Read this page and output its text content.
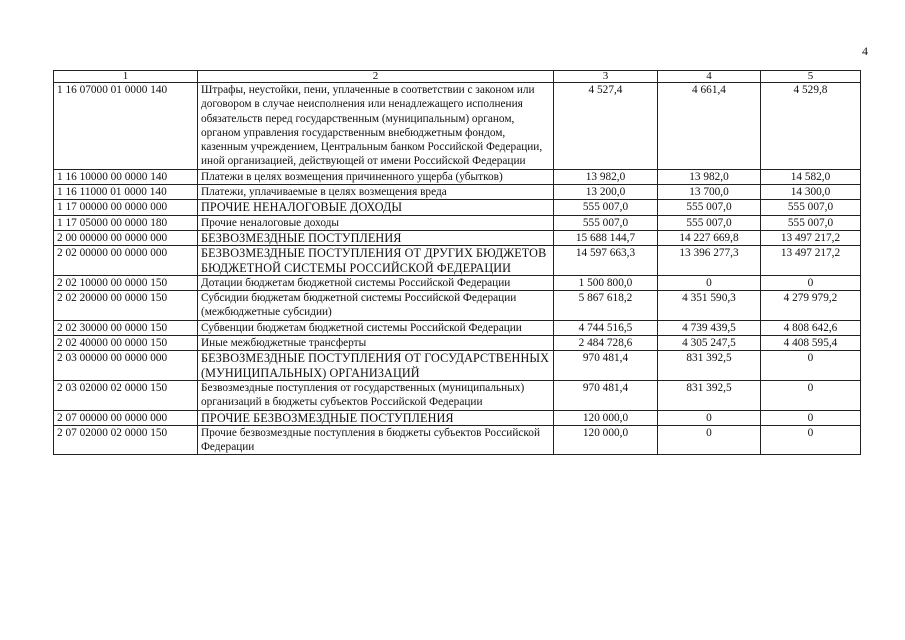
4
1	2	3	4	5
1 16 07000 01 0000 140	Штрафы, неустойки, пени, уплаченные в соответствии с законом или договором в случае неисполнения или ненадлежащего исполнения обязательств перед государственным (муниципальным) органом, органом управления государственным внебюджетным фондом, казенным учреждением, Центральным банком Российской Федерации, иной организацией, действующей от имени Российской Федерации	4 527,4	4 661,4	4 529,8
1 16 10000 00 0000 140	Платежи в целях возмещения причиненного ущерба (убытков)	13 982,0	13 982,0	14 582,0
1 16 11000 01 0000 140	Платежи, уплачиваемые в целях возмещения вреда	13 200,0	13 700,0	14 300,0
1 17 00000 00 0000 000	ПРОЧИЕ НЕНАЛОГОВЫЕ ДОХОДЫ	555 007,0	555 007,0	555 007,0
1 17 05000 00 0000 180	Прочие неналоговые доходы	555 007,0	555 007,0	555 007,0
2 00 00000 00 0000 000	БЕЗВОЗМЕЗДНЫЕ ПОСТУПЛЕНИЯ	15 688 144,7	14 227 669,8	13 497 217,2
2 02 00000 00 0000 000	БЕЗВОЗМЕЗДНЫЕ ПОСТУПЛЕНИЯ ОТ ДРУГИХ БЮДЖЕТОВ БЮДЖЕТНОЙ СИСТЕМЫ РОССИЙСКОЙ ФЕДЕРАЦИИ	14 597 663,3	13 396 277,3	13 497 217,2
2 02 10000 00 0000 150	Дотации бюджетам бюджетной системы Российской Федерации	1 500 800,0	0	0
2 02 20000 00 0000 150	Субсидии бюджетам бюджетной системы Российской Федерации (межбюджетные субсидии)	5 867 618,2	4 351 590,3	4 279 979,2
2 02 30000 00 0000 150	Субвенции бюджетам бюджетной системы Российской Федерации	4 744 516,5	4 739 439,5	4 808 642,6
2 02 40000 00 0000 150	Иные межбюджетные трансферты	2 484 728,6	4 305 247,5	4 408 595,4
2 03 00000 00 0000 000	БЕЗВОЗМЕЗДНЫЕ ПОСТУПЛЕНИЯ ОТ ГОСУДАРСТВЕННЫХ (МУНИЦИПАЛЬНЫХ) ОРГАНИЗАЦИЙ	970 481,4	831 392,5	0
2 03 02000 02 0000 150	Безвозмездные поступления от государственных (муниципальных) организаций в бюджеты субъектов Российской Федерации	970 481,4	831 392,5	0
2 07 00000 00 0000 000	ПРОЧИЕ БЕЗВОЗМЕЗДНЫЕ ПОСТУПЛЕНИЯ	120 000,0	0	0
2 07 02000 02 0000 150	Прочие безвозмездные поступления в бюджеты субъектов Российской Федерации	120 000,0	0	0
